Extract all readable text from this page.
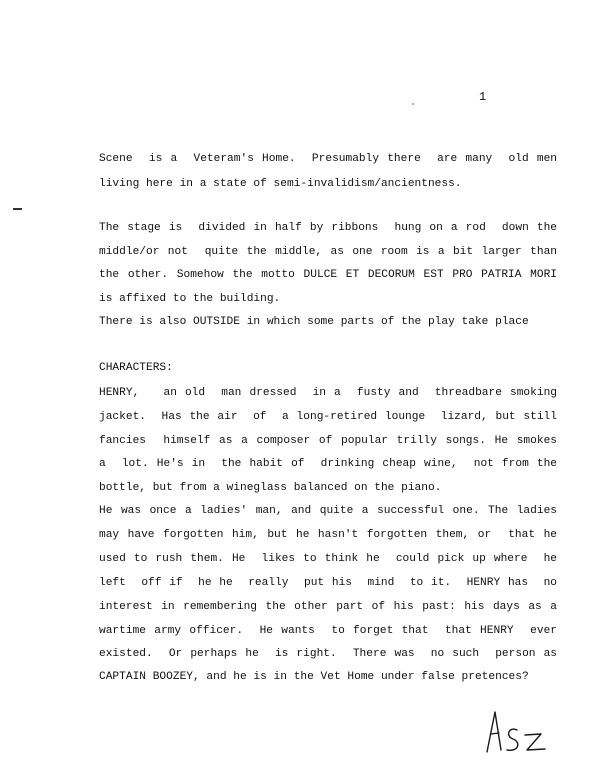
1
Scene  is a  Veteram's Home.  Presumably there  are many  old men
living here in a state of semi-invalidism/ancientness.
The stage is  divided in half by ribbons  hung on a rod  down the
middle/or not  quite the middle, as one room is a bit larger than
the other. Somehow the motto DULCE ET DECORUM EST PRO PATRIA MORI
is affixed to the building.
There is also OUTSIDE in which some parts of the play take place
CHARACTERS:
HENRY,   an old  man dressed  in a  fusty and  threadbare smoking
jacket.  Has the air  of  a long-retired lounge  lizard, but still
fancies  himself as a composer of popular trilly songs. He smokes
a  lot. He's in  the habit of  drinking cheap wine,  not from the
bottle, but from a wineglass balanced on the piano.
He was once a ladies' man, and quite a successful one. The ladies
may have forgotten him, but he hasn't forgotten them, or  that he
used to rush them. He  likes to think he  could pick up where  he
left  off if  he he  really  put his  mind  to it.  HENRY has  no
interest in remembering the other part of his past: his days as a
wartime army officer.  He wants  to forget that  that HENRY  ever
existed.  Or perhaps he  is right.  There was  no such  person as
CAPTAIN BOOZEY, and he is in the Vet Home under false pretences?
